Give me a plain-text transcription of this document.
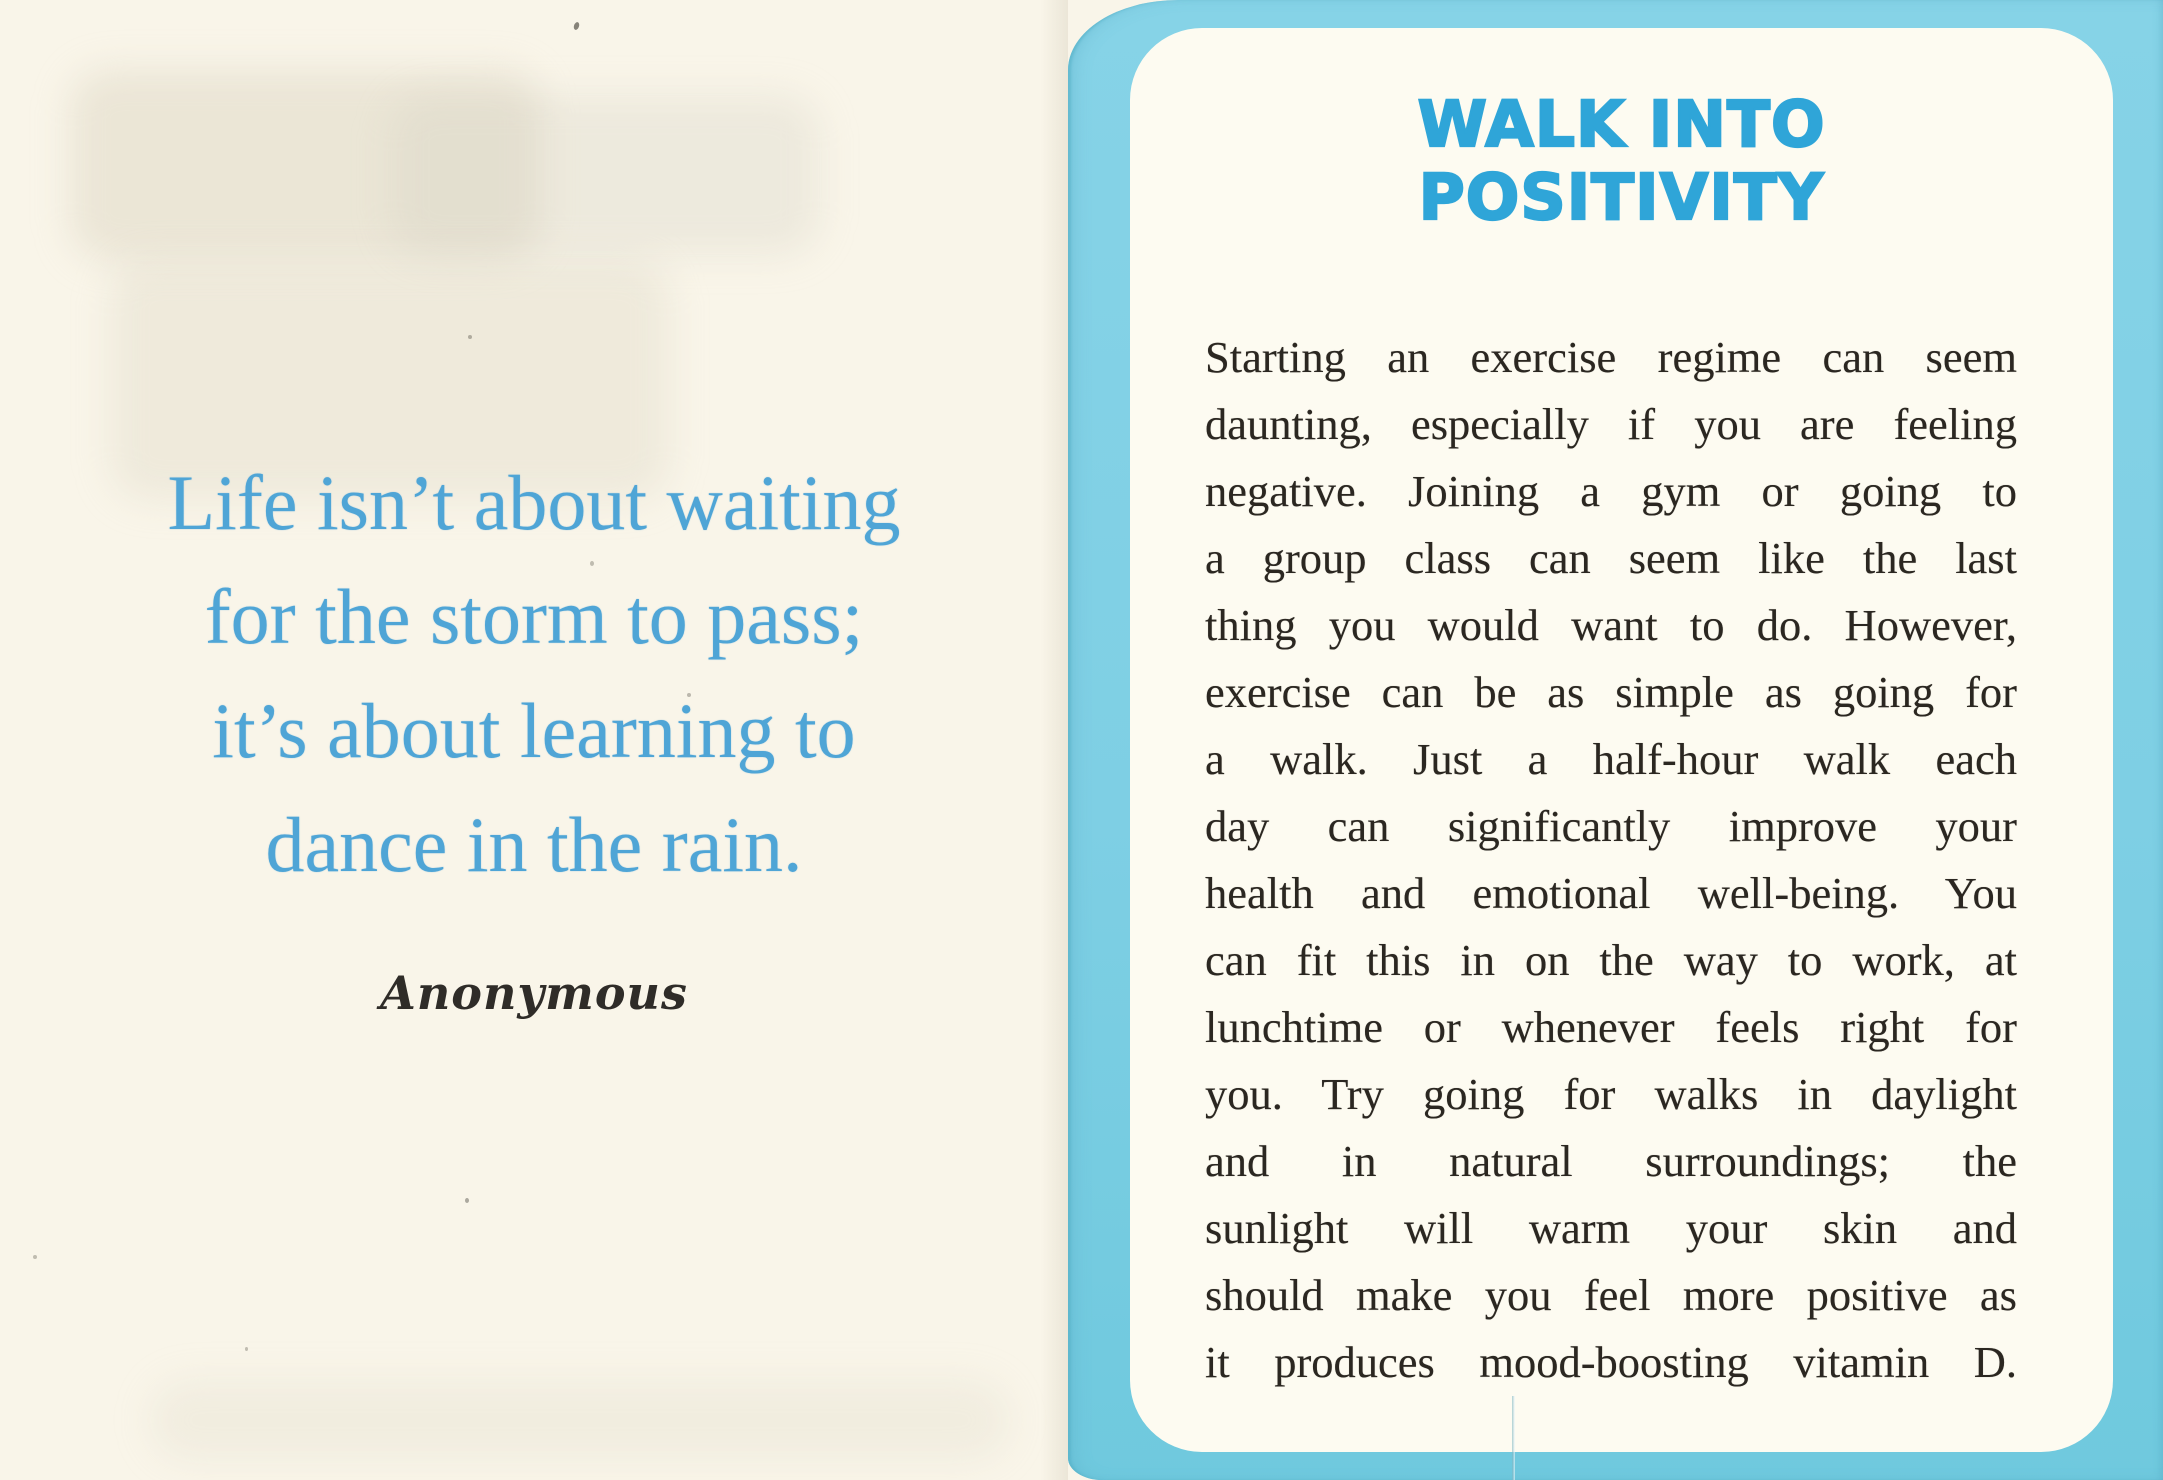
Life isn’t about waiting
for the storm to pass;
it’s about learning to
dance in the rain.
Anonymous
WALK INTO
POSITIVITY
Starting an exercise regime can seem
daunting, especially if you are feeling
negative. Joining a gym or going to
a group class can seem like the last
thing you would want to do. However,
exercise can be as simple as going for
a walk. Just a half-hour walk each
day can significantly improve your
health and emotional well-being. You
can fit this in on the way to work, at
lunchtime or whenever feels right for
you. Try going for walks in daylight
and in natural surroundings; the
sunlight will warm your skin and
should make you feel more positive as
it produces mood-boosting vitamin D.
